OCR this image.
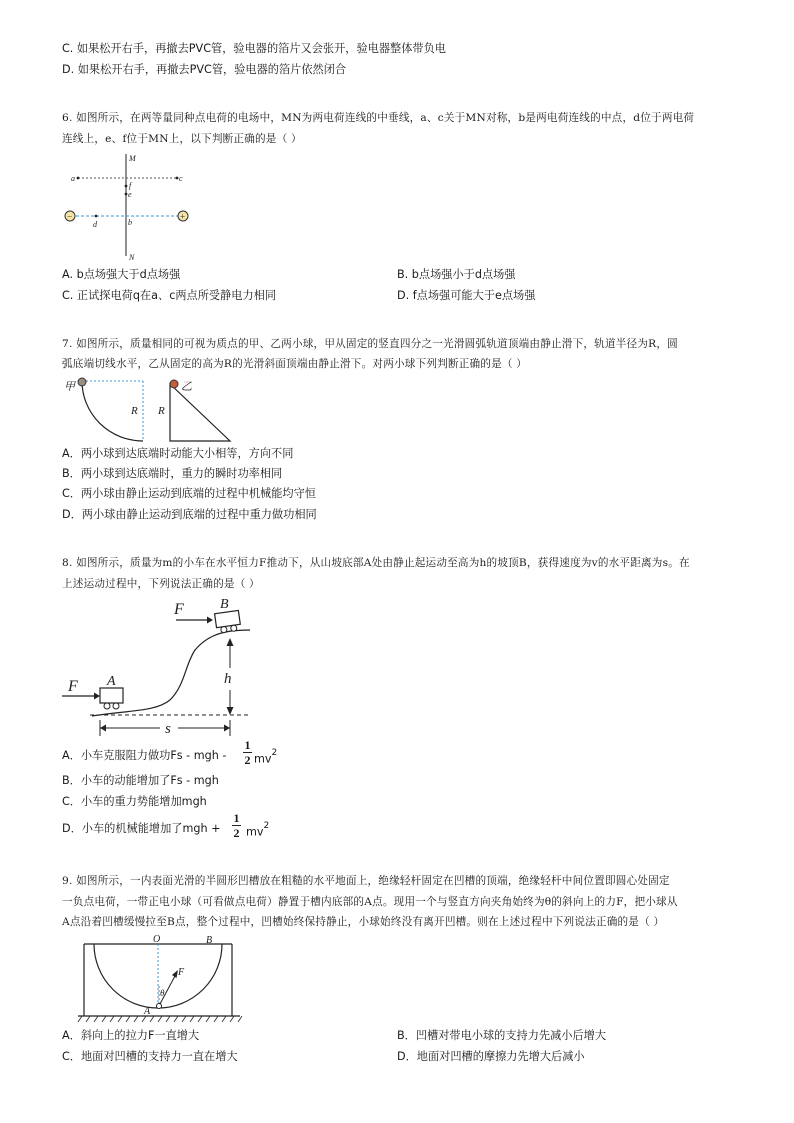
C. 如果松开右手，再撤去PVC管，验电器的箔片又会张开，验电器整体带负电
D. 如果松开右手，再撤去PVC管，验电器的箔片依然闭合
6. 如图所示，在两等量同种点电荷的电场中，MN为两电荷连线的中垂线，a、c关于MN对称，b是两电荷连线的中点，d位于两电荷
连线上，e、f位于MN上，以下判断正确的是（ ）
−	+
M
a	c
f
e
b
d
N
A. b点场强大于d点场强	B. b点场强小于d点场强
C. 正试探电荷q在a、c两点所受静电力相同	D. f点场强可能大于e点场强
7. 如图所示，质量相同的可视为质点的甲、乙两小球，甲从固定的竖直四分之一光滑圆弧轨道顶端由静止滑下，轨道半径为R，圆
弧底端切线水平，乙从固定的高为R的光滑斜面顶端由静止滑下。对两小球下列判断正确的是（ ）
甲
R
乙
R
A．两小球到达底端时动能大小相等，方向不同
B．两小球到达底端时，重力的瞬时功率相同
C．两小球由静止运动到底端的过程中机械能均守恒
D．两小球由静止运动到底端的过程中重力做功相同
8. 如图所示，质量为m的小车在水平恒力F推动下，从山坡底部A处由静止起运动至高为h的坡顶B，获得速度为v的水平距离为s。在
上述运动过程中，下列说法正确的是（ ）
A
F
B
F
h
s
A．小车克服阻力做功Fs - mgh -
1
2 $mv^2$
B．小车的动能增加了Fs - mgh
C．小车的重力势能增加mgh
D．小车的机械能增加了mgh +
1
2 $mv^2$
9. 如图所示，一内表面光滑的半圆形凹槽放在粗糙的水平地面上，绝缘轻杆固定在凹槽的顶端，绝缘轻杆中间位置即圆心处固定
一负点电荷，一带正电小球（可看做点电荷）静置于槽内底部的A点。现用一个与竖直方向夹角始终为θ的斜向上的力F，把小球从
A点沿着凹槽缓慢拉至B点，整个过程中，凹槽始终保持静止，小球始终没有离开凹槽。则在上述过程中下列说法正确的是（ ）
F
θ
O	B
A
A．斜向上的拉力F一直增大	B．凹槽对带电小球的支持力先减小后增大
C．地面对凹槽的支持力一直在增大	D．地面对凹槽的摩擦力先增大后减小
